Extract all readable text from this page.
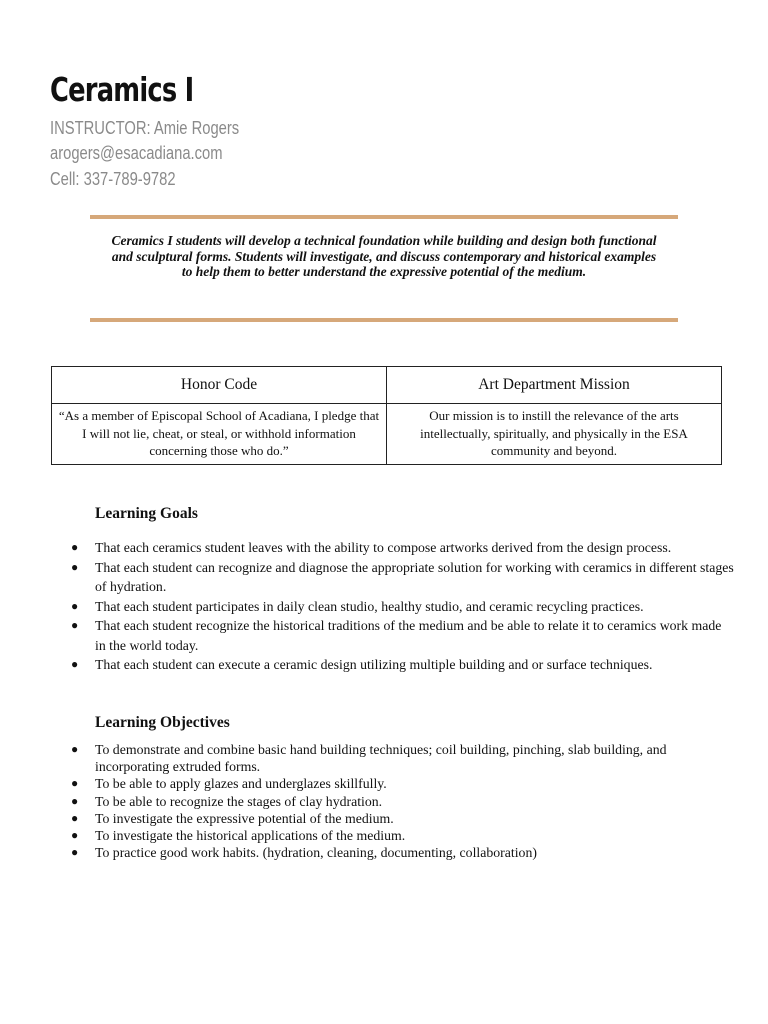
Ceramics I
INSTRUCTOR: Amie Rogers
arogers@esacadiana.com
Cell: 337-789-9782
Ceramics I students will develop a technical foundation while building and design both functional and sculptural forms. Students will investigate, and discuss contemporary and historical examples to help them to better understand the expressive potential of the medium.
Honor Code	Art Department Mission
“As a member of Episcopal School of Acadiana, I pledge that I will not lie, cheat, or steal, or withhold information concerning those who do.”	Our mission is to instill the relevance of the arts intellectually, spiritually, and physically in the ESA community and beyond.
Learning Goals
● That each ceramics student leaves with the ability to compose artworks derived from the design process.
● That each student can recognize and diagnose the appropriate solution for working with ceramics in different stages of hydration.
● That each student participates in daily clean studio, healthy studio, and ceramic recycling practices.
● That each student recognize the historical traditions of the medium and be able to relate it to ceramics work made in the world today.
● That each student can execute a ceramic design utilizing multiple building and or surface techniques.
Learning Objectives
● To demonstrate and combine basic hand building techniques; coil building, pinching, slab building, and incorporating extruded forms.
● To be able to apply glazes and underglazes skillfully.
● To be able to recognize the stages of clay hydration.
● To investigate the expressive potential of the medium.
● To investigate the historical applications of the medium.
● To practice good work habits. (hydration, cleaning, documenting, collaboration)
